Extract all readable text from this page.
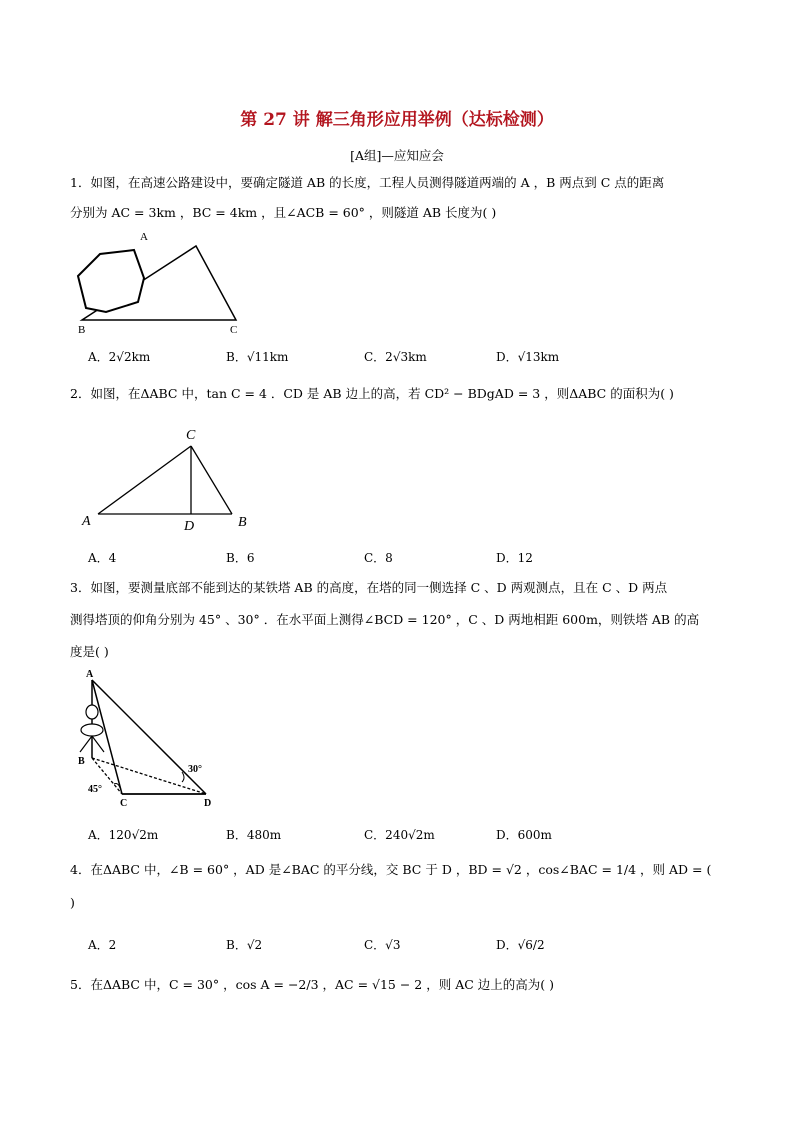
第 27 讲 解三角形应用举例（达标检测）
[A组]—应知应会
1．如图，在高速公路建设中，要确定隧道 AB 的长度，工程人员测得隧道两端的 A ，B 两点到 C 点的距离
分别为 AC = 3km ，BC = 4km ，且∠ACB = 60° ，则隧道 AB 长度为( )
A
B	C
A．2√2km	B．√11km	C．2√3km	D．√13km
2．如图，在ΔABC 中，tan C = 4 ．CD 是 AB 边上的高，若 CD² − BDgAD = 3 ，则ΔABC 的面积为( )
C
A	D	B
A．4	B．6	C．8	D．12
3．如图，要测量底部不能到达的某铁塔 AB 的高度，在塔的同一侧选择 C 、D 两观测点，且在 C 、D 两点
测得塔顶的仰角分别为 45° 、30° ．在水平面上测得∠BCD = 120° ，C 、D 两地相距 600m，则铁塔 AB 的高
度是( )
A
B
C	D
45°
30°
A．120√2m	B．480m	C．240√2m	D．600m
4．在ΔABC 中，∠B = 60° ，AD 是∠BAC 的平分线，交 BC 于 D ，BD = √2 ，cos∠BAC = 1/4 ，则 AD = (
)
A．2	B．√2	C．√3	D．√6/2
5．在ΔABC 中，C = 30° ，cos A = −2/3 ，AC = √15 − 2 ，则 AC 边上的高为( )
